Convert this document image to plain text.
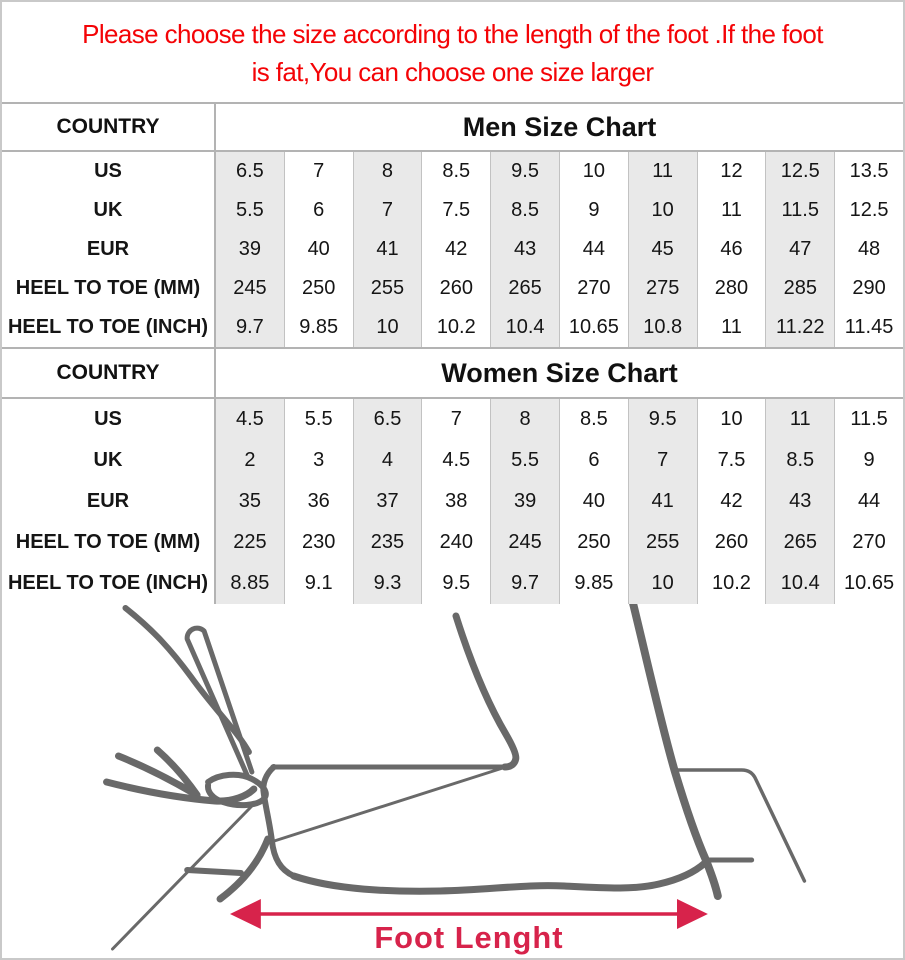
Please choose the size according to the length of the foot .If the foot
is fat,You can choose one size larger
COUNTRY	Men Size Chart
US	6.5	7	8	8.5	9.5	10	11	12	12.5	13.5
UK	5.5	6	7	7.5	8.5	9	10	11	11.5	12.5
EUR	39	40	41	42	43	44	45	46	47	48
HEEL TO TOE (MM)	245	250	255	260	265	270	275	280	285	290
HEEL TO TOE (INCH)	9.7	9.85	10	10.2	10.4	10.65	10.8	11	11.22	11.45
COUNTRY	Women Size Chart
US	4.5	5.5	6.5	7	8	8.5	9.5	10	11	11.5
UK	2	3	4	4.5	5.5	6	7	7.5	8.5	9
EUR	35	36	37	38	39	40	41	42	43	44
HEEL TO TOE (MM)	225	230	235	240	245	250	255	260	265	270
HEEL TO TOE (INCH)	8.85	9.1	9.3	9.5	9.7	9.85	10	10.2	10.4	10.65
Foot Lenght
